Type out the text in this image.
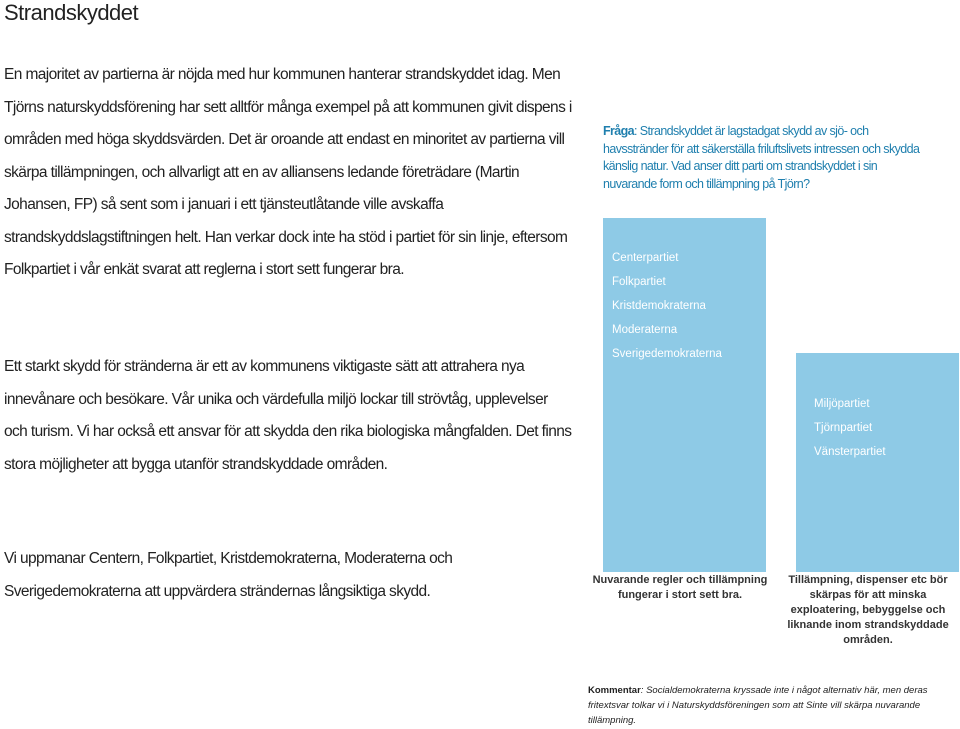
Strandskyddet

En majoritet av partierna är nöjda med hur kommunen hanterar strandskyddet idag. Men Tjörns naturskyddsförening har sett alltför många exempel på att kommunen givit dispens i områden med höga skyddsvärden. Det är oroande att endast en minoritet av partierna vill skärpa tillämpningen, och allvarligt att en av alliansens ledande företrädare (Martin Johansen, FP) så sent som i januari i ett tjänsteutlåtande ville avskaffa strandskyddslagstiftningen helt. Han verkar dock inte ha stöd i partiet för sin linje, eftersom Folkpartiet i vår enkät svarat att reglerna i stort sett fungerar bra.

Ett starkt skydd för stränderna är ett av kommunens viktigaste sätt att attrahera nya innevånare och besökare. Vår unika och värdefulla miljö lockar till strövtåg, upplevelser och turism. Vi har också ett ansvar för att skydda den rika biologiska mångfalden. Det finns stora möjligheter att bygga utanför strandskyddade områden.

Vi uppmanar Centern, Folkpartiet, Kristdemokraterna, Moderaterna och Sverigedemokraterna att uppvärdera strändernas långsiktiga skydd.

Fråga: Strandskyddet är lagstadgat skydd av sjö- och havsstränder för att säkerställa friluftslivets intressen och skydda känslig natur. Vad anser ditt parti om strandskyddet i sin nuvarande form och tillämpning på Tjörn?
Centerpartiet
Folkpartiet
Kristdemokraterna
Moderaterna
Sverigedemokraterna
Miljöpartiet
Tjörnpartiet
Vänsterpartiet
Nuvarande regler och tillämpning fungerar i stort sett bra.
Tillämpning, dispenser etc bör skärpas för att minska exploatering, bebyggelse och liknande inom strandskyddade områden.
Kommentar: Socialdemokraterna kryssade inte i något alternativ här, men deras fritextsvar tolkar vi i Naturskyddsföreningen som att Sinte vill skärpa nuvarande tillämpning.
